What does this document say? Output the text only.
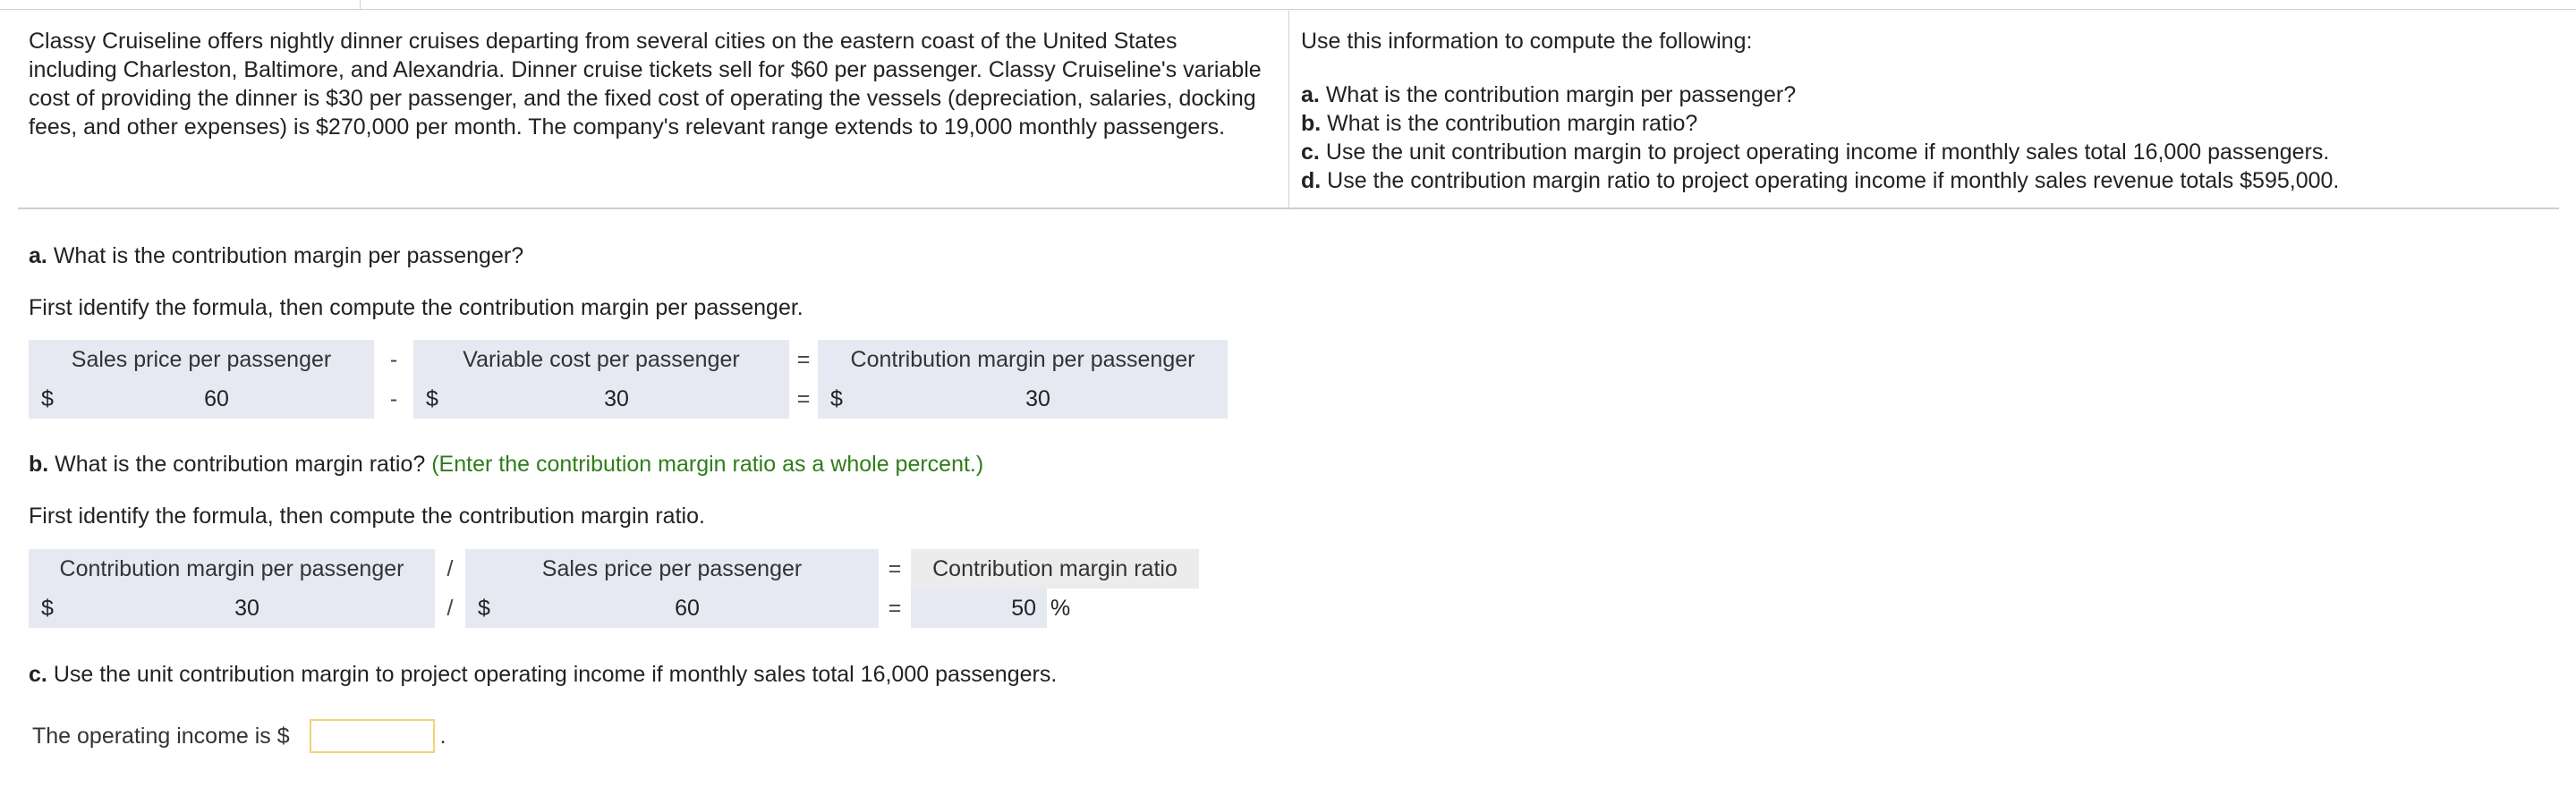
Classy Cruiseline offers nightly dinner cruises departing from several cities on the eastern coast of the United States including Charleston, Baltimore, and Alexandria. Dinner cruise tickets sell for $60 per passenger. Classy Cruiseline's variable cost of providing the dinner is $30 per passenger, and the fixed cost of operating the vessels (depreciation, salaries, docking fees, and other expenses) is $270,000 per month. The company's relevant range extends to 19,000 monthly passengers.
Use this information to compute the following:
a. What is the contribution margin per passenger?
b. What is the contribution margin ratio?
c. Use the unit contribution margin to project operating income if monthly sales total 16,000 passengers.
d. Use the contribution margin ratio to project operating income if monthly sales revenue totals $595,000.
a. What is the contribution margin per passenger?
First identify the formula, then compute the contribution margin per passenger.
Sales price per passenger	-	Variable cost per passenger	=	Contribution margin per passenger
$	60	-	$	30	= $	30
b. What is the contribution margin ratio? (Enter the contribution margin ratio as a whole percent.)
First identify the formula, then compute the contribution margin ratio.
Contribution margin per passenger	/	Sales price per passenger	=	Contribution margin ratio
$	30	/	$	60	=	50 %
c. Use the unit contribution margin to project operating income if monthly sales total 16,000 passengers.
The operating income is $	.
